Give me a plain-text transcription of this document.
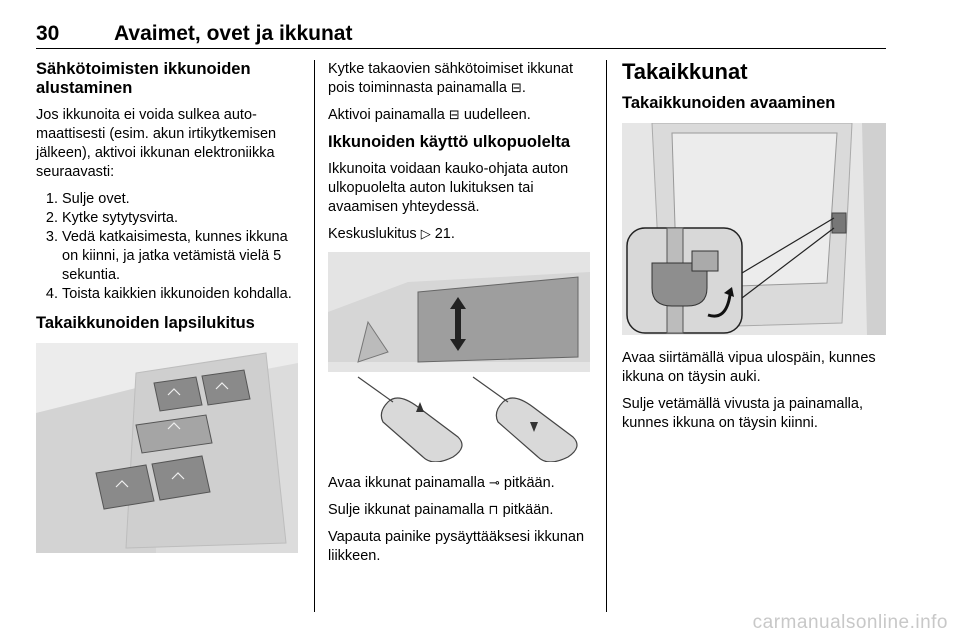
30	Avaimet, ovet ja ikkunat
Sähkötoimisten ikkunoiden alustaminen

Jos ikkunoita ei voida sulkea automaattisesti (esim. akun irtikytkemisen jälkeen), aktivoi ikkunan elektroniikka seuraavasti:

1. Sulje ovet.
2. Kytke sytytysvirta.
3. Vedä katkaisimesta, kunnes ikkuna on kiinni, ja jatka vetämistä vielä 5 sekuntia.
4. Toista kaikkien ikkunoiden kohdalla.
Takaikkunoiden lapsilukitus

Kytke takaovien sähkötoimiset ikkunat pois toiminnasta painamalla ⊟.

Aktivoi painamalla ⊟ uudelleen.

Ikkunoiden käyttö ulkopuolelta

Ikkunoita voidaan kauko-ohjata auton ulkopuolelta auton lukituksen tai avaamisen yhteydessä.

Keskuslukitus ▷ 21.

Avaa ikkunat painamalla ⊸ pitkään.

Sulje ikkunat painamalla ⊓ pitkään.

Vapauta painike pysäyttääksesi ikkunan liikkeen.

Takaikkunat
Takaikkunoiden avaaminen

Avaa siirtämällä vipua ulospäin, kunnes ikkuna on täysin auki.

Sulje vetämällä vivusta ja painamalla, kunnes ikkuna on täysin kiinni.

carmanualsonline.info
